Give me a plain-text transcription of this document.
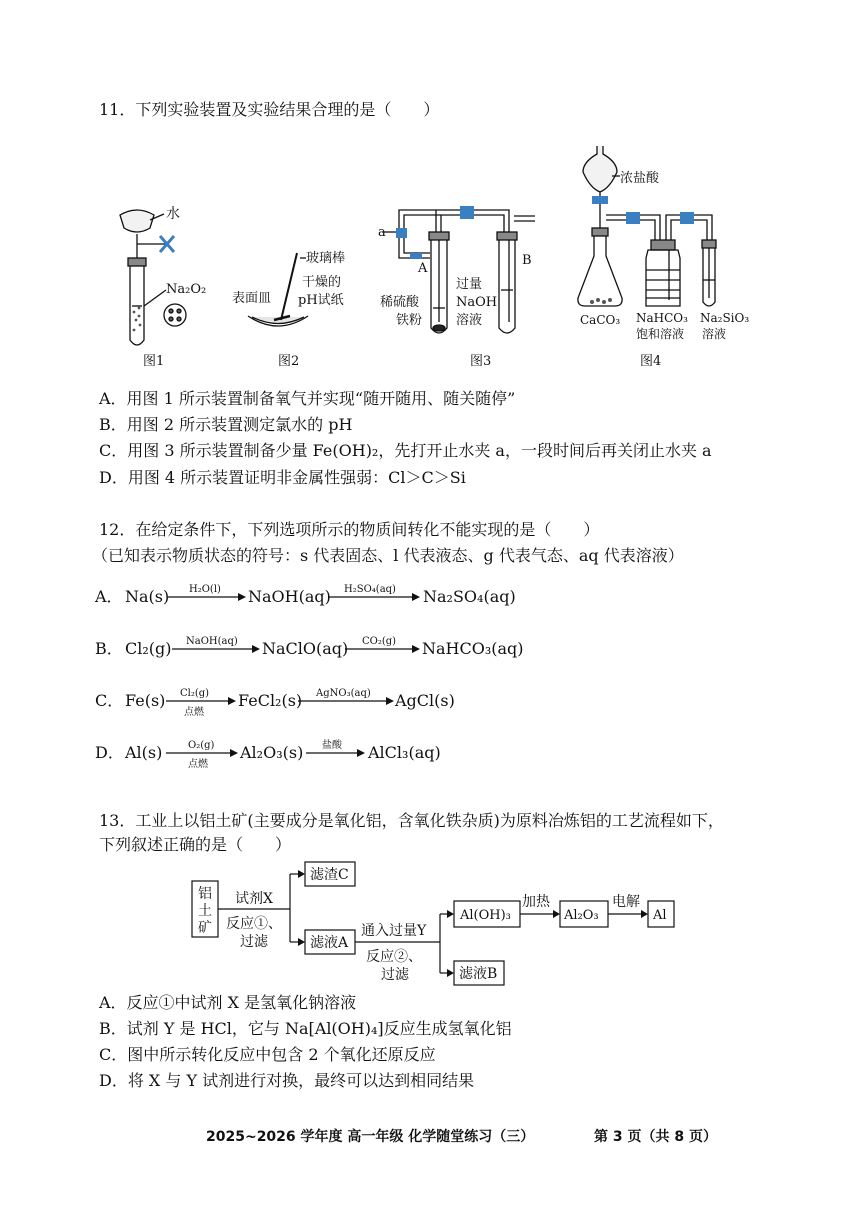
11．下列实验装置及实验结果合理的是（　　）
水
Na₂O₂
图1
玻璃棒
表面皿
干燥的
pH试纸
图2
a
A
B
稀硫酸
铁粉
过量
NaOH
溶液
图3
浓盐酸
CaCO₃ NaHCO₃
饱和溶液
Na₂SiO₃
溶液
图4
A．用图 1 所示装置制备氧气并实现“随开随用、随关随停”
B．用图 2 所示装置测定氯水的 pH
C．用图 3 所示装置制备少量 Fe(OH)₂，先打开止水夹 a，一段时间后再关闭止水夹 a
D．用图 4 所示装置证明非金属性强弱：Cl＞C＞Si
12．在给定条件下，下列选项所示的物质间转化不能实现的是（　　）
（已知表示物质状态的符号：s 代表固态、l 代表液态、g 代表气态、aq 代表溶液）
A． Na(s) H₂O(l) NaOH(aq) H₂SO₄(aq) Na₂SO₄(aq)
B． Cl₂(g) NaOH(aq) NaClO(aq) CO₂(g) NaHCO₃(aq)
C． Fe(s) Cl₂(g)
点燃
FeCl₂(s) AgNO₃(aq) AgCl(s)
D． Al(s)	O₂(g)
点燃
Al₂O₃(s) 盐酸 AlCl₃(aq)
13．工业上以铝土矿(主要成分是氧化铝，含氧化铁杂质)为原料冶炼铝的工艺流程如下，
下列叙述正确的是（　　）
铝
土
矿
试剂X
反应①、
过滤
滤渣C
滤液A
通入过量Y
反应②、
过滤
Al(OH)₃
加热
Al₂O₃
电解
Al
滤液B
A．反应①中试剂 X 是氢氧化钠溶液
B．试剂 Y 是 HCl，它与 Na[Al(OH)₄]反应生成氢氧化铝
C．图中所示转化反应中包含 2 个氧化还原反应
D．将 X 与 Y 试剂进行对换，最终可以达到相同结果
2025~2026 学年度 高一年级 化学随堂练习（三）	第 3 页（共 8 页）
